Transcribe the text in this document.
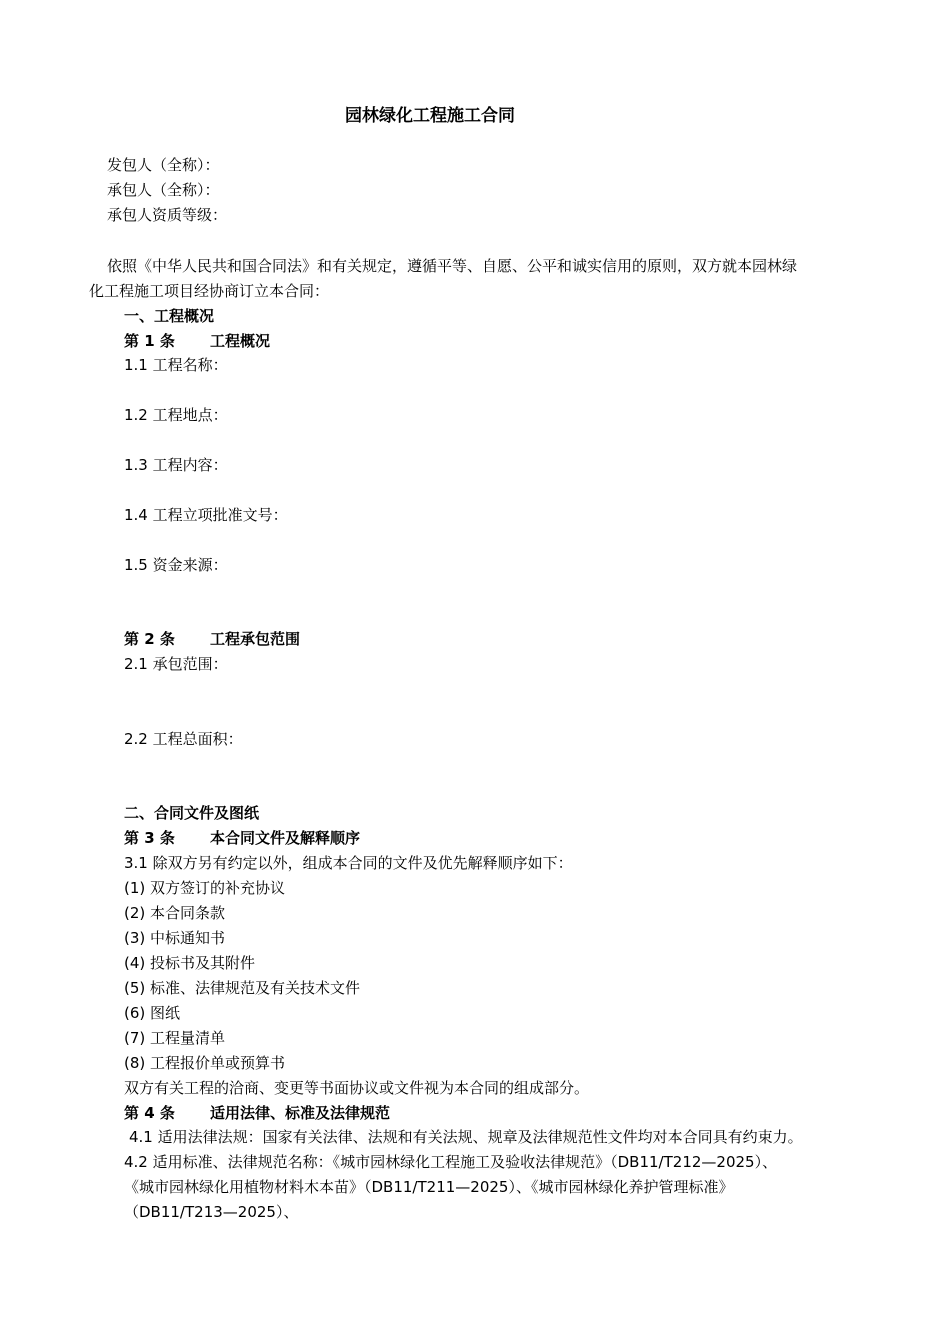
园林绿化工程施工合同
发包人（全称）：
承包人（全称）：
承包人资质等级：
依照《中华人民共和国合同法》和有关规定，遵循平等、自愿、公平和诚实信用的原则，双方就本园林绿
化工程施工项目经协商订立本合同：
一、工程概况
第 1 条 工程概况
1.1 工程名称：
1.2 工程地点：
1.3 工程内容：
1.4 工程立项批准文号：
1.5 资金来源：
第 2 条 工程承包范围
2.1 承包范围：
2.2 工程总面积：
二、合同文件及图纸
第 3 条 本合同文件及解释顺序
3.1 除双方另有约定以外，组成本合同的文件及优先解释顺序如下：
(1) 双方签订的补充协议
(2) 本合同条款
(3) 中标通知书
(4) 投标书及其附件
(5) 标准、法律规范及有关技术文件
(6) 图纸
(7) 工程量清单
(8) 工程报价单或预算书
双方有关工程的洽商、变更等书面协议或文件视为本合同的组成部分。
第 4 条 适用法律、标准及法律规范
4.1 适用法律法规：国家有关法律、法规和有关法规、规章及法律规范性文件均对本合同具有约束力。
4.2 适用标准、法律规范名称：《城市园林绿化工程施工及验收法律规范》（DB11/T212—2025）、
《城市园林绿化用植物材料木本苗》（DB11/T211—2025）、《城市园林绿化养护管理标准》
（DB11/T213—2025）、
